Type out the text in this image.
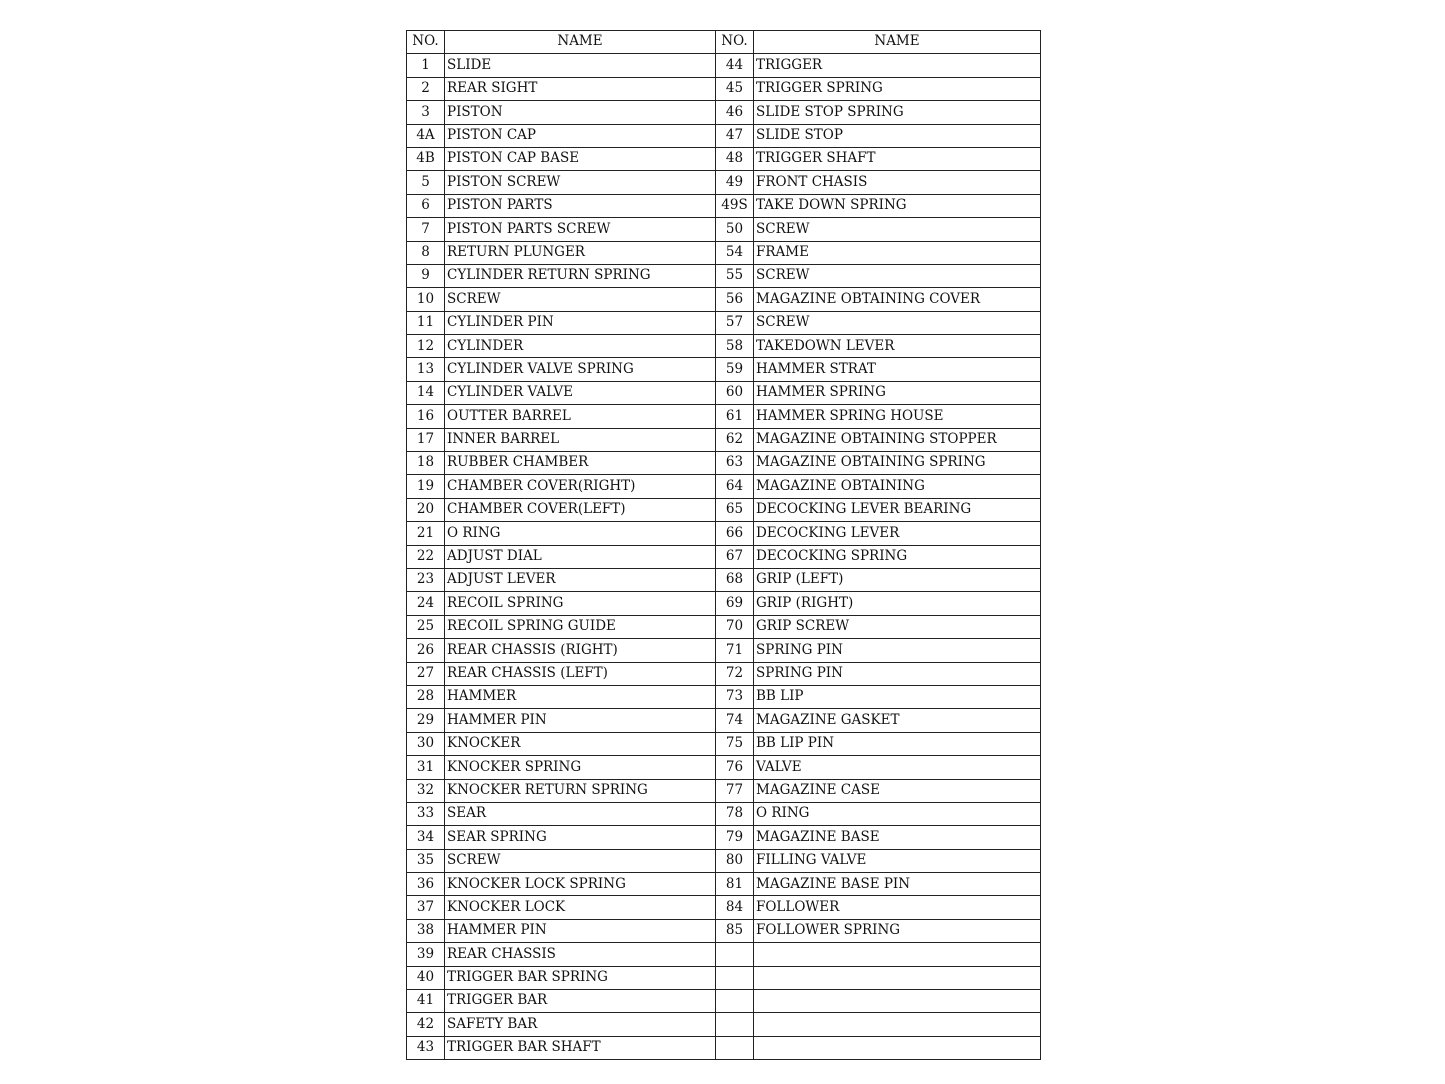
NO.	NAME	NO.	NAME
1	SLIDE	44	TRIGGER
2	REAR SIGHT	45	TRIGGER SPRING
3	PISTON	46	SLIDE STOP SPRING
4A	PISTON CAP	47	SLIDE STOP
4B	PISTON CAP BASE	48	TRIGGER SHAFT
5	PISTON SCREW	49	FRONT CHASIS
6	PISTON PARTS	49S	TAKE DOWN SPRING
7	PISTON PARTS SCREW	50	SCREW
8	RETURN PLUNGER	54	FRAME
9	CYLINDER RETURN SPRING	55	SCREW
10	SCREW	56	MAGAZINE OBTAINING COVER
11	CYLINDER PIN	57	SCREW
12	CYLINDER	58	TAKEDOWN LEVER
13	CYLINDER VALVE SPRING	59	HAMMER STRAT
14	CYLINDER VALVE	60	HAMMER SPRING
16	OUTTER BARREL	61	HAMMER SPRING HOUSE
17	INNER BARREL	62	MAGAZINE OBTAINING STOPPER
18	RUBBER CHAMBER	63	MAGAZINE OBTAINING SPRING
19	CHAMBER COVER(RIGHT)	64	MAGAZINE OBTAINING
20	CHAMBER COVER(LEFT)	65	DECOCKING LEVER BEARING
21	O RING	66	DECOCKING LEVER
22	ADJUST DIAL	67	DECOCKING SPRING
23	ADJUST LEVER	68	GRIP (LEFT)
24	RECOIL SPRING	69	GRIP (RIGHT)
25	RECOIL SPRING GUIDE	70	GRIP SCREW
26	REAR CHASSIS (RIGHT)	71	SPRING PIN
27	REAR CHASSIS (LEFT)	72	SPRING PIN
28	HAMMER	73	BB LIP
29	HAMMER PIN	74	MAGAZINE GASKET
30	KNOCKER	75	BB LIP PIN
31	KNOCKER SPRING	76	VALVE
32	KNOCKER RETURN SPRING	77	MAGAZINE CASE
33	SEAR	78	O RING
34	SEAR SPRING	79	MAGAZINE BASE
35	SCREW	80	FILLING VALVE
36	KNOCKER LOCK SPRING	81	MAGAZINE BASE PIN
37	KNOCKER LOCK	84	FOLLOWER
38	HAMMER PIN	85	FOLLOWER SPRING
39	REAR CHASSIS		
40	TRIGGER BAR SPRING		
41	TRIGGER BAR		
42	SAFETY BAR		
43	TRIGGER BAR SHAFT		
